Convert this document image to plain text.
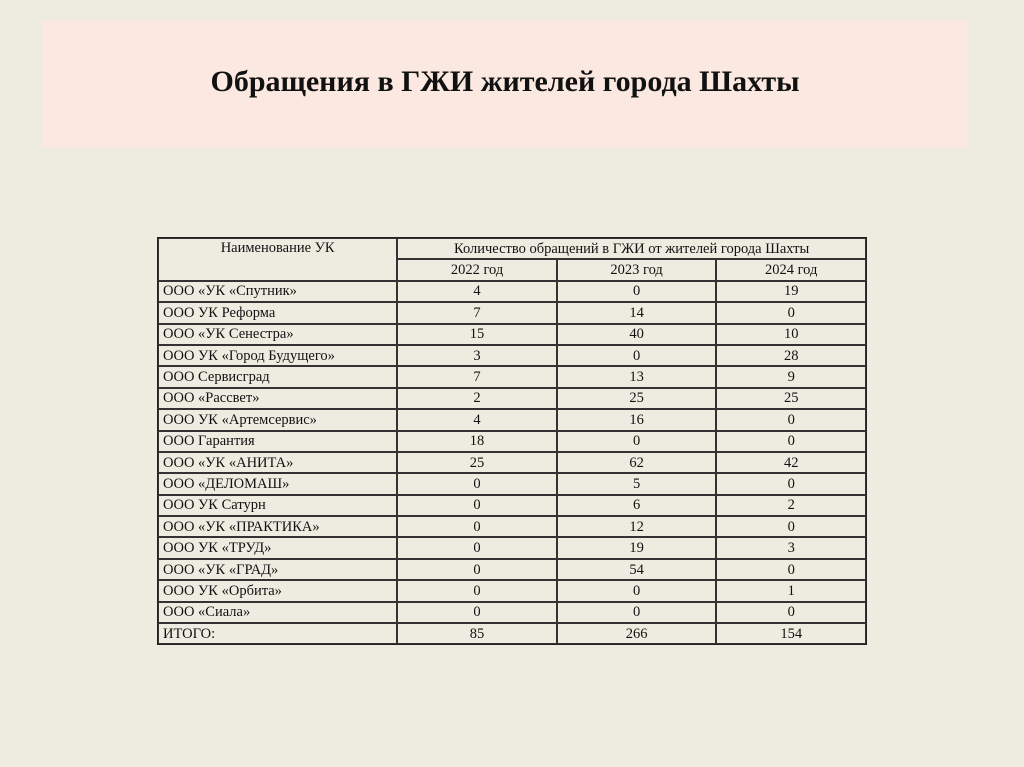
Обращения в ГЖИ жителей города Шахты
Наименование УК	Количество обращений в ГЖИ от жителей города Шахты		
	2022 год	2023 год	2024 год
ООО «УК «Спутник»	4	0	19
ООО УК Реформа	7	14	0
ООО «УК Сенестра»	15	40	10
ООО УК «Город Будущего»	3	0	28
ООО Сервисград	7	13	9
ООО «Рассвет»	2	25	25
ООО УК «Артемсервис»	4	16	0
ООО Гарантия	18	0	0
ООО «УК «АНИТА»	25	62	42
ООО «ДЕЛОМАШ»	0	5	0
ООО УК Сатурн	0	6	2
ООО «УК «ПРАКТИКА»	0	12	0
ООО УК «ТРУД»	0	19	3
ООО «УК «ГРАД»	0	54	0
ООО УК «Орбита»	0	0	1
ООО «Сиала»	0	0	0
ИТОГО:	85	266	154
